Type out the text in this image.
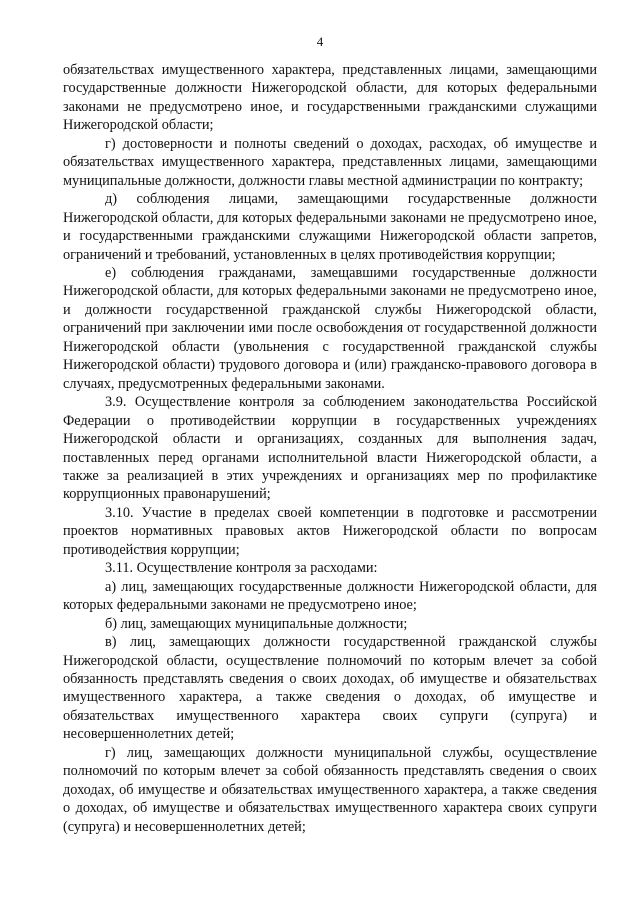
4

обязательствах имущественного характера, представленных лицами, замещающими государственные должности Нижегородской области, для которых федеральными законами не предусмотрено иное, и государственными гражданскими служащими Нижегородской области;

г) достоверности и полноты сведений о доходах, расходах, об имуществе и обязательствах имущественного характера, представленных лицами, замещающими муниципальные должности, должности главы местной администрации по контракту;

д) соблюдения лицами, замещающими государственные должности Нижегородской области, для которых федеральными законами не предусмотрено иное, и государственными гражданскими служащими Нижегородской области запретов, ограничений и требований, установленных в целях противодействия коррупции;

е) соблюдения гражданами, замещавшими государственные должности Нижегородской области, для которых федеральными законами не предусмотрено иное, и должности государственной гражданской службы Нижегородской области, ограничений при заключении ими после освобождения от государственной должности Нижегородской области (увольнения с государственной гражданской службы Нижегородской области) трудового договора и (или) гражданско-правового договора в случаях, предусмотренных федеральными законами.

3.9. Осуществление контроля за соблюдением законодательства Российской Федерации о противодействии коррупции в государственных учреждениях Нижегородской области и организациях, созданных для выполнения задач, поставленных перед органами исполнительной власти Нижегородской области, а также за реализацией в этих учреждениях и организациях мер по профилактике коррупционных правонарушений;

3.10. Участие в пределах своей компетенции в подготовке и рассмотрении проектов нормативных правовых актов Нижегородской области по вопросам противодействия коррупции;

3.11. Осуществление контроля за расходами:

а) лиц, замещающих государственные должности Нижегородской области, для которых федеральными законами не предусмотрено иное;

б) лиц, замещающих муниципальные должности;

в) лиц, замещающих должности государственной гражданской службы Нижегородской области, осуществление полномочий по которым влечет за собой обязанность представлять сведения о своих доходах, об имуществе и обязательствах имущественного характера, а также сведения о доходах, об имуществе и обязательствах имущественного характера своих супруги (супруга) и несовершеннолетних детей;

г) лиц, замещающих должности муниципальной службы, осуществление полномочий по которым влечет за собой обязанность представлять сведения о своих доходах, об имуществе и обязательствах имущественного характера, а также сведения о доходах, об имуществе и обязательствах имущественного характера своих супруги (супруга) и несовершеннолетних детей;
